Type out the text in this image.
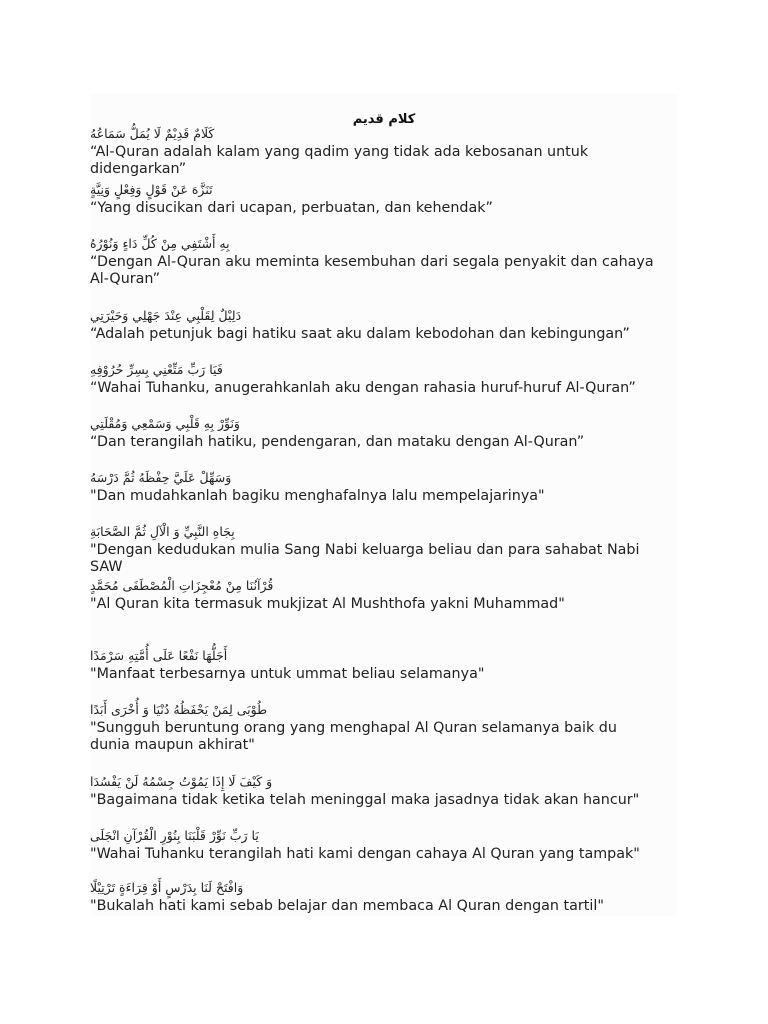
كلام قديم
كَلَامٌ قَدِيْمٌ لَا يُمَلُّ سَمَاعُهُ
“Al-Quran adalah kalam yang qadim yang tidak ada kebosanan untuk didengarkan”
تَنَزَّهَ عَنْ قَوْلٍ وَفِعْلٍ وَنِيَّةٍ
“Yang disucikan dari ucapan, perbuatan, dan kehendak”
بِهِ أَشْتَفِي مِنْ كُلِّ دَاءٍ وَنُوْرُهُ
“Dengan Al-Quran aku meminta kesembuhan dari segala penyakit dan cahaya Al-Quran”
دَلِيْلٌ لِقَلْبِي عِنْدَ جَهْلِي وَحَيْرَتِي
“Adalah petunjuk bagi hatiku saat aku dalam kebodohan dan kebingungan”
فَيَا رَبِّ مَتِّعْنِي بِسِرِّ حُرُوْفِهِ
“Wahai Tuhanku, anugerahkanlah aku dengan rahasia huruf-huruf Al-Quran”
وَنَوِّرْ بِهِ قَلْبِي وَسَمْعِي وَمُقْلَتِي
“Dan terangilah hatiku, pendengaran, dan mataku dengan Al-Quran”
وَسَهِّلْ عَلَيَّ حِفْظَهُ ثُمَّ دَرْسَهُ
"Dan mudahkanlah bagiku menghafalnya lalu mempelajarinya"
بِجَاهِ النَّبِيِّ وَ الْآلِ ثُمَّ الصَّحَابَةِ
"Dengan kedudukan mulia Sang Nabi keluarga beliau dan para sahabat Nabi SAW
قُرْآنُنَا مِنْ مُعْجِزَاتِ الْمُصْطَفَى مُحَمَّدٍ
"Al Quran kita termasuk mukjizat Al Mushthofa yakni Muhammad"
أَجَلُّهَا نَفْعًا عَلَى أُمَّتِهِ سَرْمَدًا
"Manfaat terbesarnya untuk ummat beliau selamanya"
طُوْبَى لِمَنْ يَحْفَظُهُ دُنْيَا وَ أُخْرَى أَبَدًا
"Sungguh beruntung orang yang menghapal Al Quran selamanya baik du dunia maupun akhirat"
وَ كَيْفَ لَا إِذَا يَمُوْتُ جِسْمُهُ لَنْ يَفْسُدَا
"Bagaimana tidak ketika telah meninggal maka jasadnya tidak akan hancur"
يَا رَبِّ نَوِّرْ قَلْبَنَا بِنُوْرِ الْقُرْآنِ انْجَلَى
"Wahai Tuhanku terangilah hati kami dengan cahaya Al Quran yang tampak"
وَافْتَحْ لَنَا بِدَرْسٍ أَوْ قِرَاءَةٍ تَرْتِيْلًا
"Bukalah hati kami sebab belajar dan membaca Al Quran dengan tartil"
